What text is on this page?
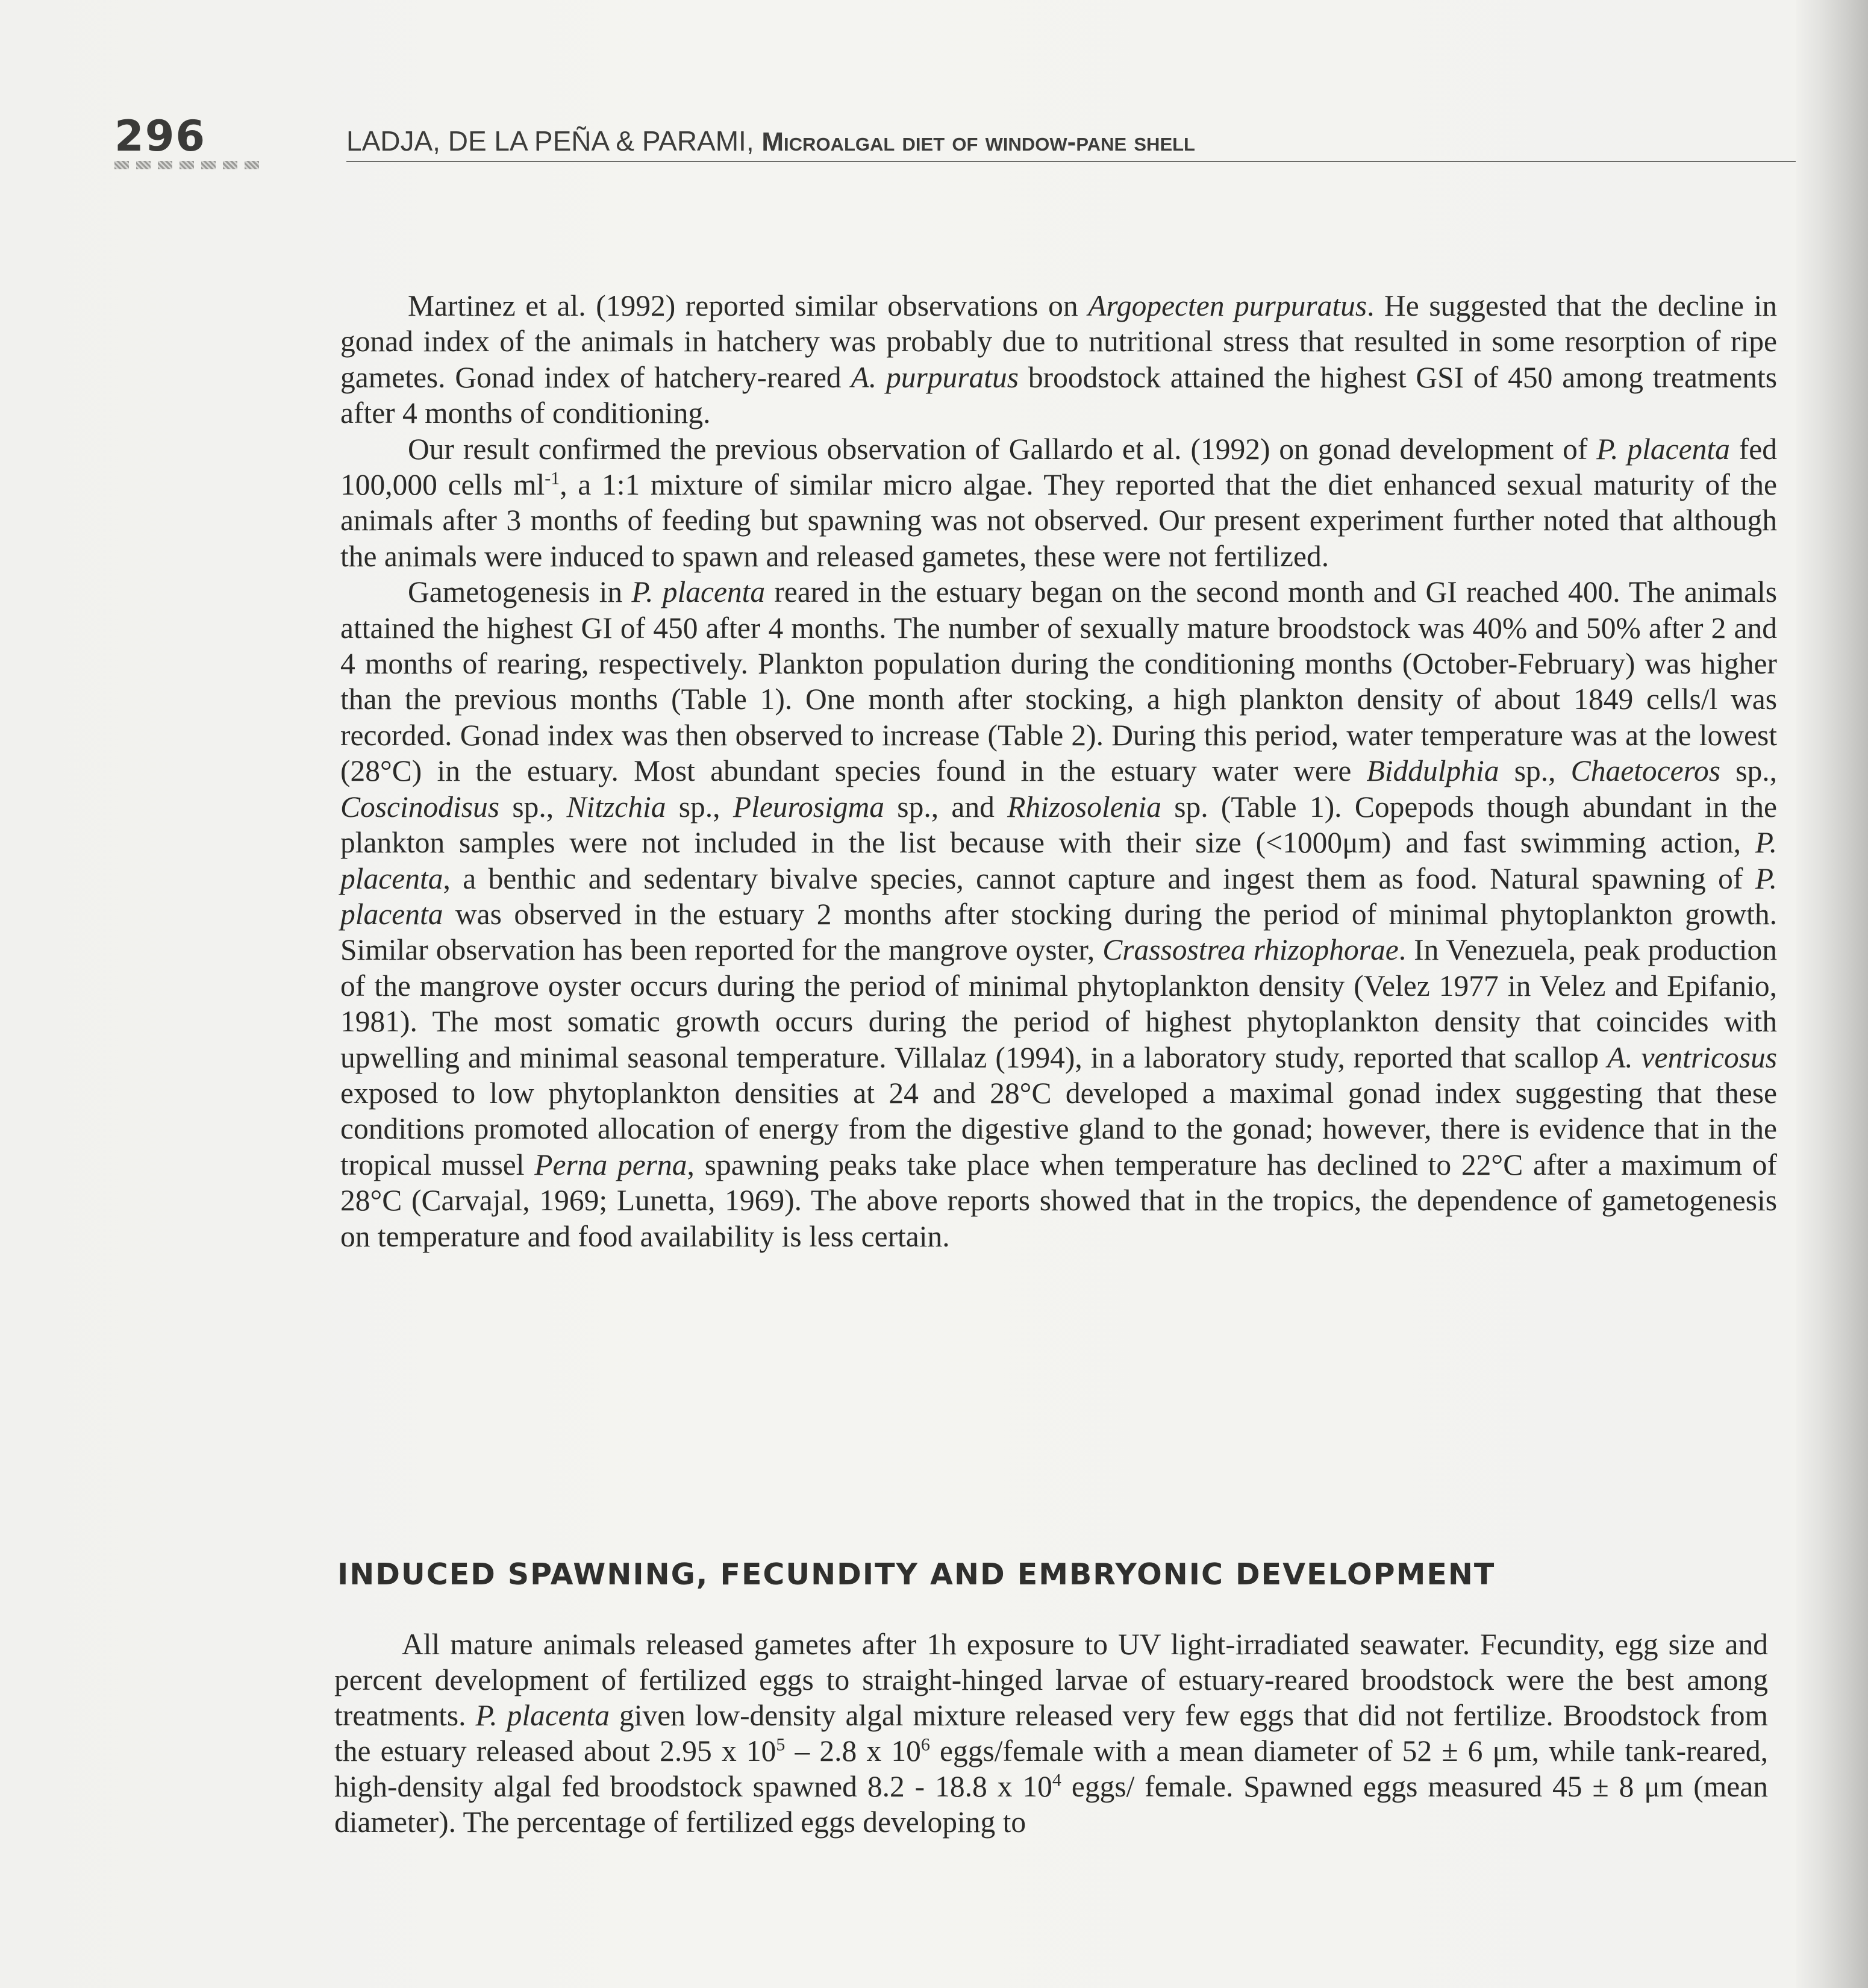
296	LADJA, DE LA PEÑA & PARAMI, Microalgal diet of window-pane shell

Martinez et al. (1992) reported similar observations on Argopecten purpuratus. He suggested that the decline in gonad index of the animals in hatchery was probably due to nutritional stress that resulted in some resorption of ripe gametes. Gonad index of hatchery-reared A. purpuratus broodstock attained the highest GSI of 450 among treatments after 4 months of conditioning.

Our result confirmed the previous observation of Gallardo et al. (1992) on gonad development of P. placenta fed 100,000 cells $ml^{-1}$, a 1:1 mixture of similar micro algae. They reported that the diet enhanced sexual maturity of the animals after 3 months of feeding but spawning was not observed. Our present experiment further noted that although the animals were induced to spawn and released gametes, these were not fertilized.

Gametogenesis in P. placenta reared in the estuary began on the second month and GI reached 400. The animals attained the highest GI of 450 after 4 months. The number of sexually mature broodstock was 40% and 50% after 2 and 4 months of rearing, respectively. Plankton population during the conditioning months (October-February) was higher than the previous months (Table 1). One month after stocking, a high plankton density of about 1849 cells/l was recorded. Gonad index was then observed to increase (Table 2). During this period, water temperature was at the lowest (28°C) in the estuary. Most abundant species found in the estuary water were Biddulphia sp., Chaetoceros sp., Coscinodisus sp., Nitzchia sp., Pleurosigma sp., and Rhizosolenia sp. (Table 1). Copepods though abundant in the plankton samples were not included in the list because with their size (<1000μm) and fast swimming action, P. placenta, a benthic and sedentary bivalve species, cannot capture and ingest them as food. Natural spawning of P. placenta was observed in the estuary 2 months after stocking during the period of minimal phytoplankton growth. Similar observation has been reported for the mangrove oyster, Crassostrea rhizophorae. In Venezuela, peak production of the mangrove oyster occurs during the period of minimal phytoplankton density (Velez 1977 in Velez and Epifanio, 1981). The most somatic growth occurs during the period of highest phytoplankton density that coincides with upwelling and minimal seasonal temperature. Villalaz (1994), in a laboratory study, reported that scallop A. ventricosus exposed to low phytoplankton densities at 24 and 28°C developed a maximal gonad index suggesting that these conditions promoted allocation of energy from the digestive gland to the gonad; however, there is evidence that in the tropical mussel Perna perna, spawning peaks take place when temperature has declined to 22°C after a maximum of 28°C (Carvajal, 1969; Lunetta, 1969). The above reports showed that in the tropics, the dependence of gametogenesis on temperature and food availability is less certain.

INDUCED SPAWNING, FECUNDITY AND EMBRYONIC DEVELOPMENT

All mature animals released gametes after 1h exposure to UV light-irradiated seawater. Fecundity, egg size and percent development of fertilized eggs to straight-hinged larvae of estuary-reared broodstock were the best among treatments. P. placenta given low-density algal mixture released very few eggs that did not fertilize. Broodstock from the estuary released about 2.95 x $10^5 - 2.8$ x $10^6$ eggs/female with a mean diameter of 52 ± 6 μm, while tank-reared, high-density algal fed broodstock spawned 8.2 - 18.8 x $10^4$ eggs/ female. Spawned eggs measured 45 ± 8 μm (mean diameter). The percentage of fertilized eggs developing to
